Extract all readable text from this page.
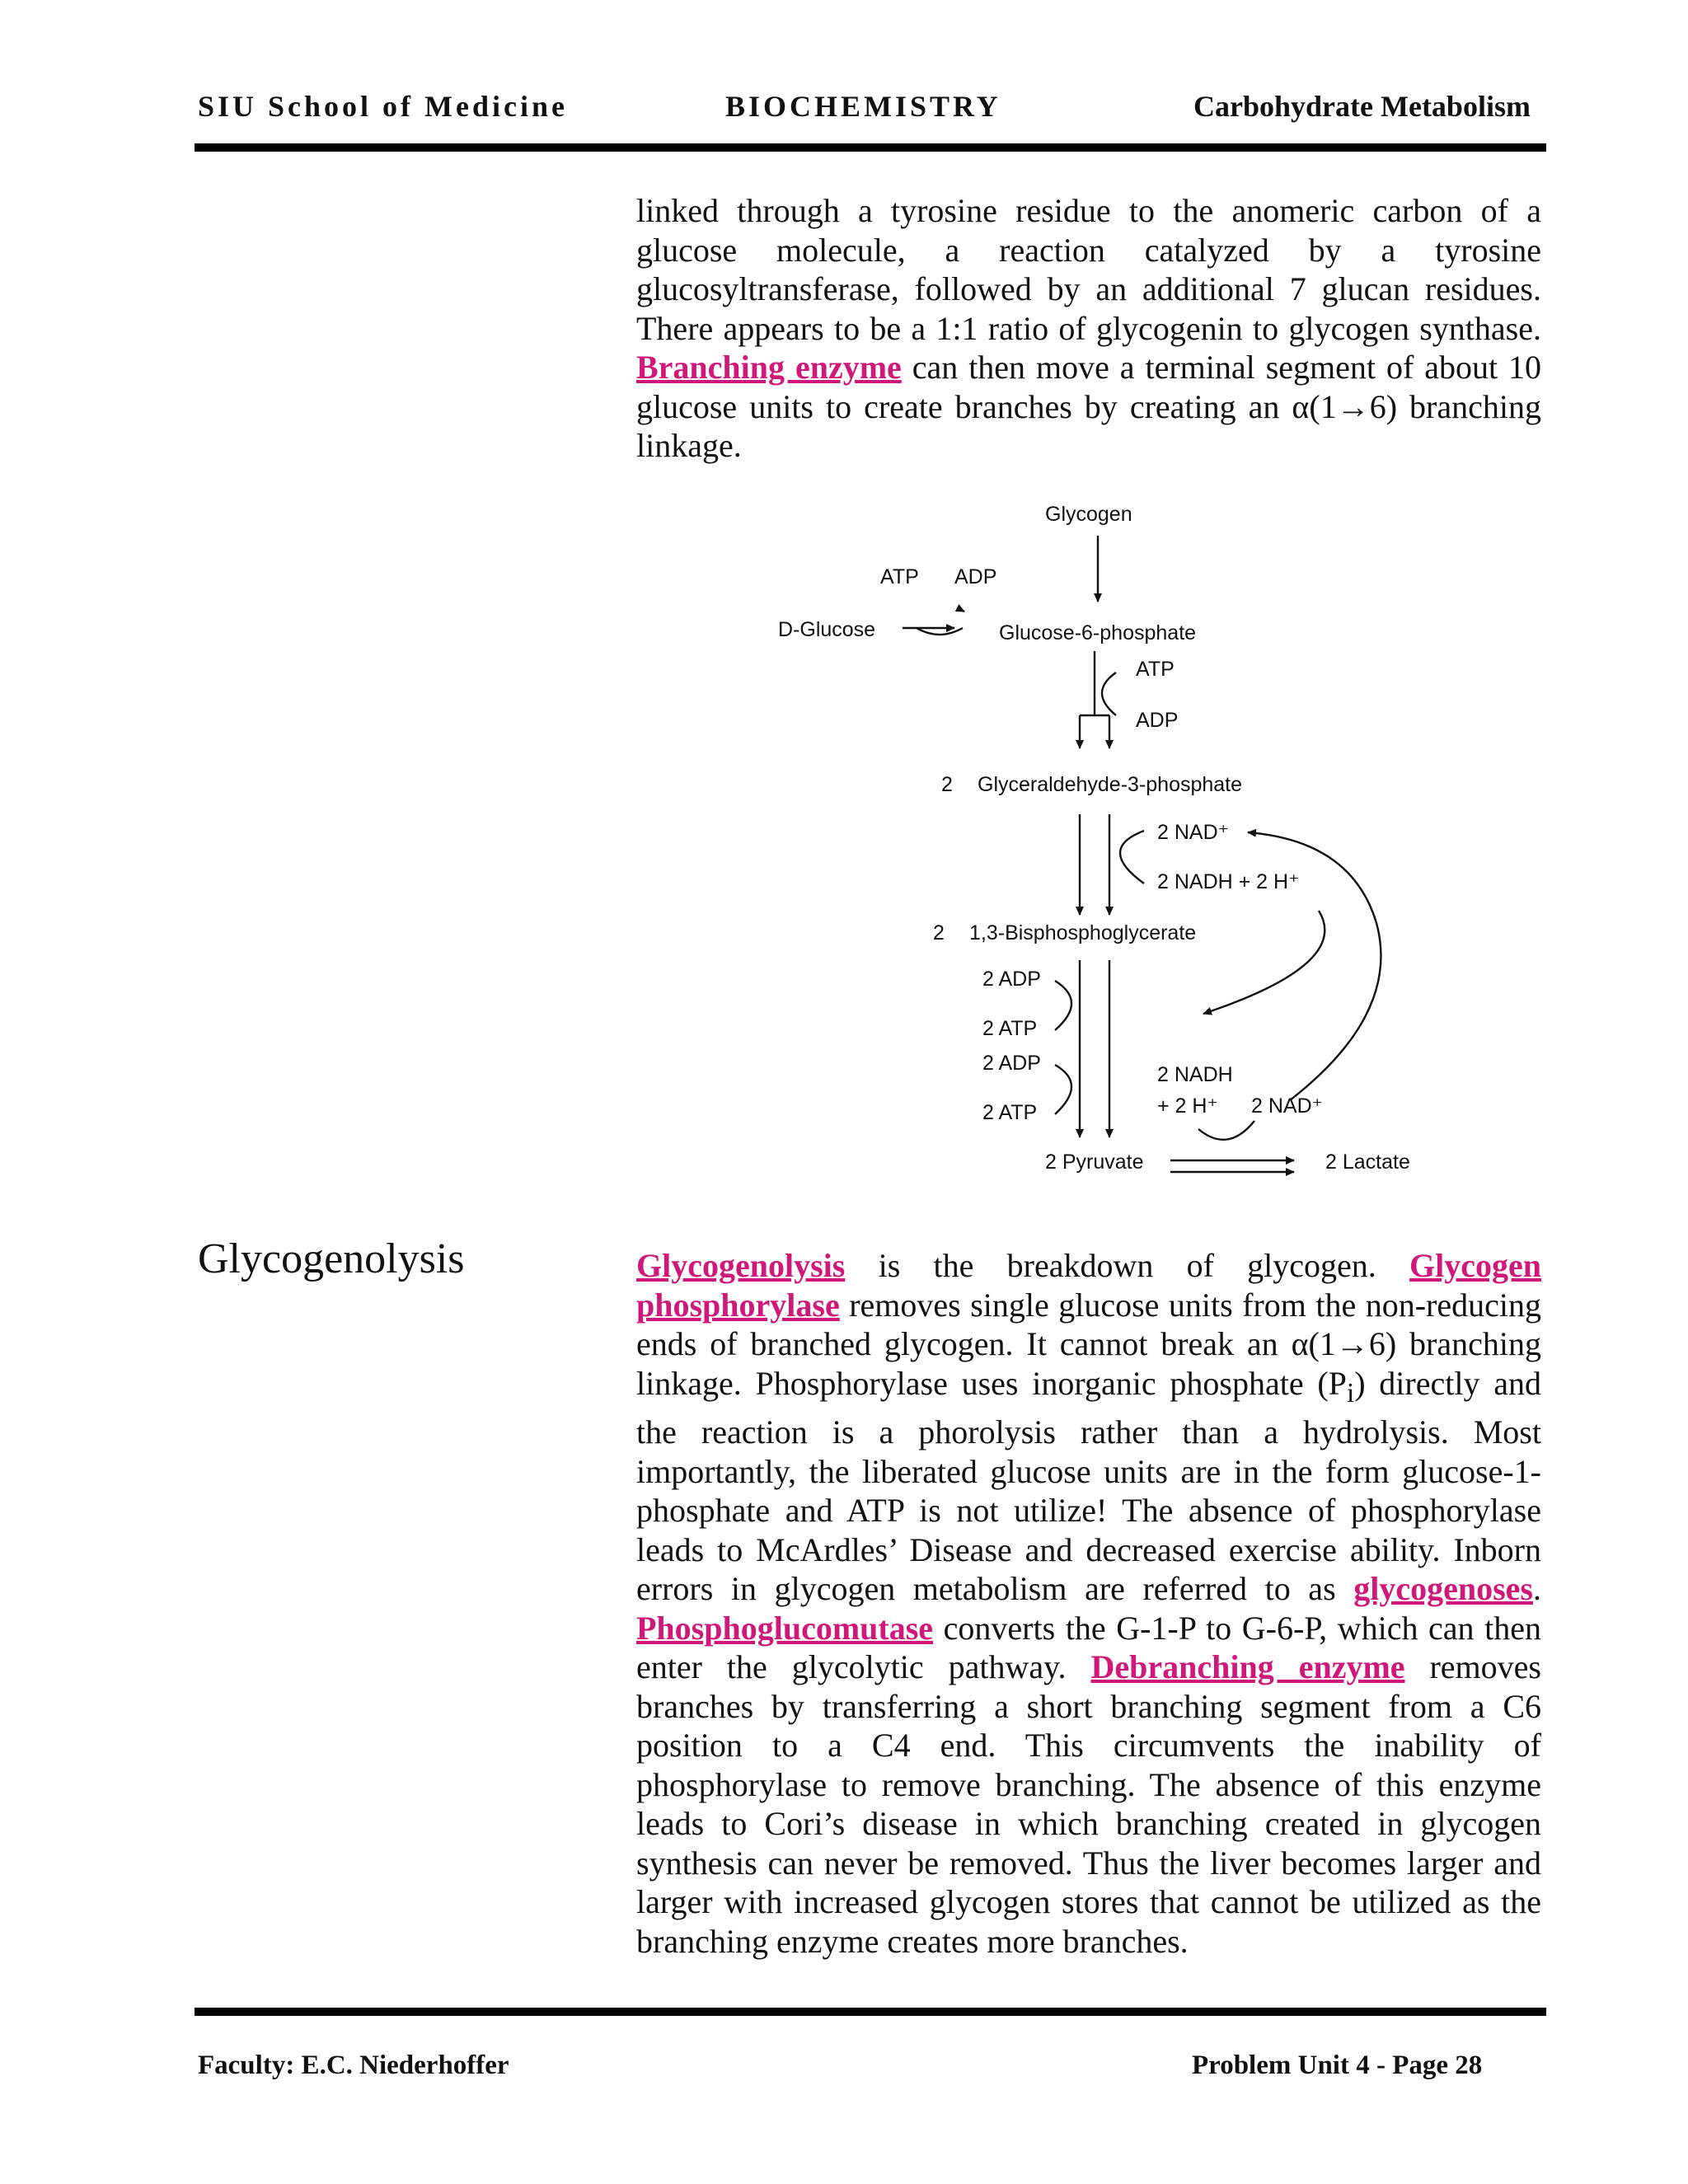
SIU School of Medicine	BIOCHEMISTRY	Carbohydrate Metabolism
linked through a tyrosine residue to the anomeric carbon of a glucose molecule, a reaction catalyzed by a tyrosine glucosyltransferase, followed by an additional 7 glucan residues. There appears to be a 1:1 ratio of glycogenin to glycogen synthase. Branching enzyme can then move a terminal segment of about 10 glucose units to create branches by creating an α(1→6) branching linkage.
Glycogen
ATP ADP
D-Glucose	Glucose-6-phosphate
ATP
ADP
2 Glyceraldehyde-3-phosphate
2 NAD⁺
2 NADH + 2 H⁺
2 1,3-Bisphosphoglycerate
2 ADP
2 ATP
2 ADP
2 ATP
2 NADH
+ 2 H⁺ 2 NAD⁺
2 Pyruvate	2 Lactate
Glycogenolysis	Glycogenolysis is the breakdown of glycogen. Glycogen phosphorylase removes single glucose units from the non-reducing ends of branched glycogen. It cannot break an α(1→6) branching linkage. Phosphorylase uses inorganic phosphate $(P_i)$ directly and the reaction is a phorolysis rather than a hydrolysis. Most importantly, the liberated glucose units are in the form glucose-1-phosphate and ATP is not utilize! The absence of phosphorylase leads to McArdles’ Disease and decreased exercise ability. Inborn errors in glycogen metabolism are referred to as glycogenoses. Phosphoglucomutase converts the G-1-P to G-6-P, which can then enter the glycolytic pathway. Debranching enzyme removes branches by transferring a short branching segment from a C6 position to a C4 end. This circumvents the inability of phosphorylase to remove branching. The absence of this enzyme leads to Cori’s disease in which branching created in glycogen synthesis can never be removed. Thus the liver becomes larger and larger with increased glycogen stores that cannot be utilized as the branching enzyme creates more branches.
Faculty: E.C. Niederhoffer	Problem Unit 4 - Page 28
